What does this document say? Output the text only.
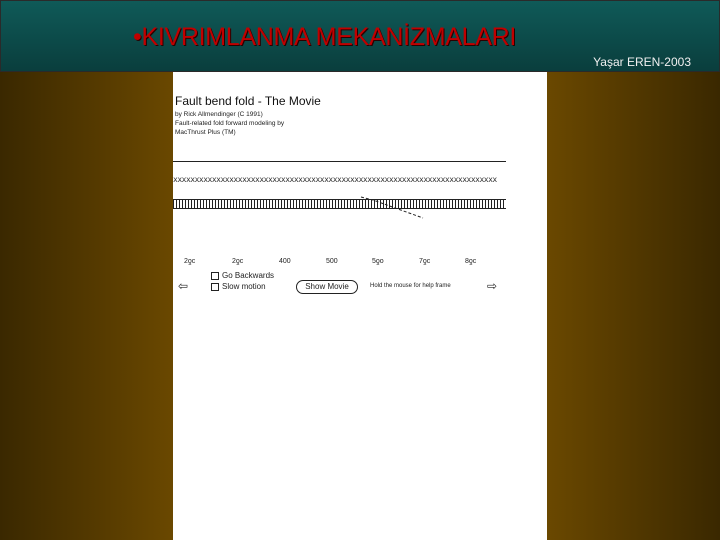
•KIVRIMLANMA MEKANİZMALARI
Yaşar EREN-2003
Fault bend fold - The Movie
by Rick Allmendinger (C 1991)
Fault-related fold forward modeling by
MacThrust Plus (TM)
xxxxxxxxxxxxxxxxxxxxxxxxxxxxxxxxxxxxxxxxxxxxxxxxxxxxxxxxxxxxxxxxxxxxxxxxxxx
2ƍc	2ƍc	400	500	5ƍo	7ƍc	8ƍc
Go Backwards
Slow motion
⇦	Show Movie	Hold the mouse for help frame	⇨
